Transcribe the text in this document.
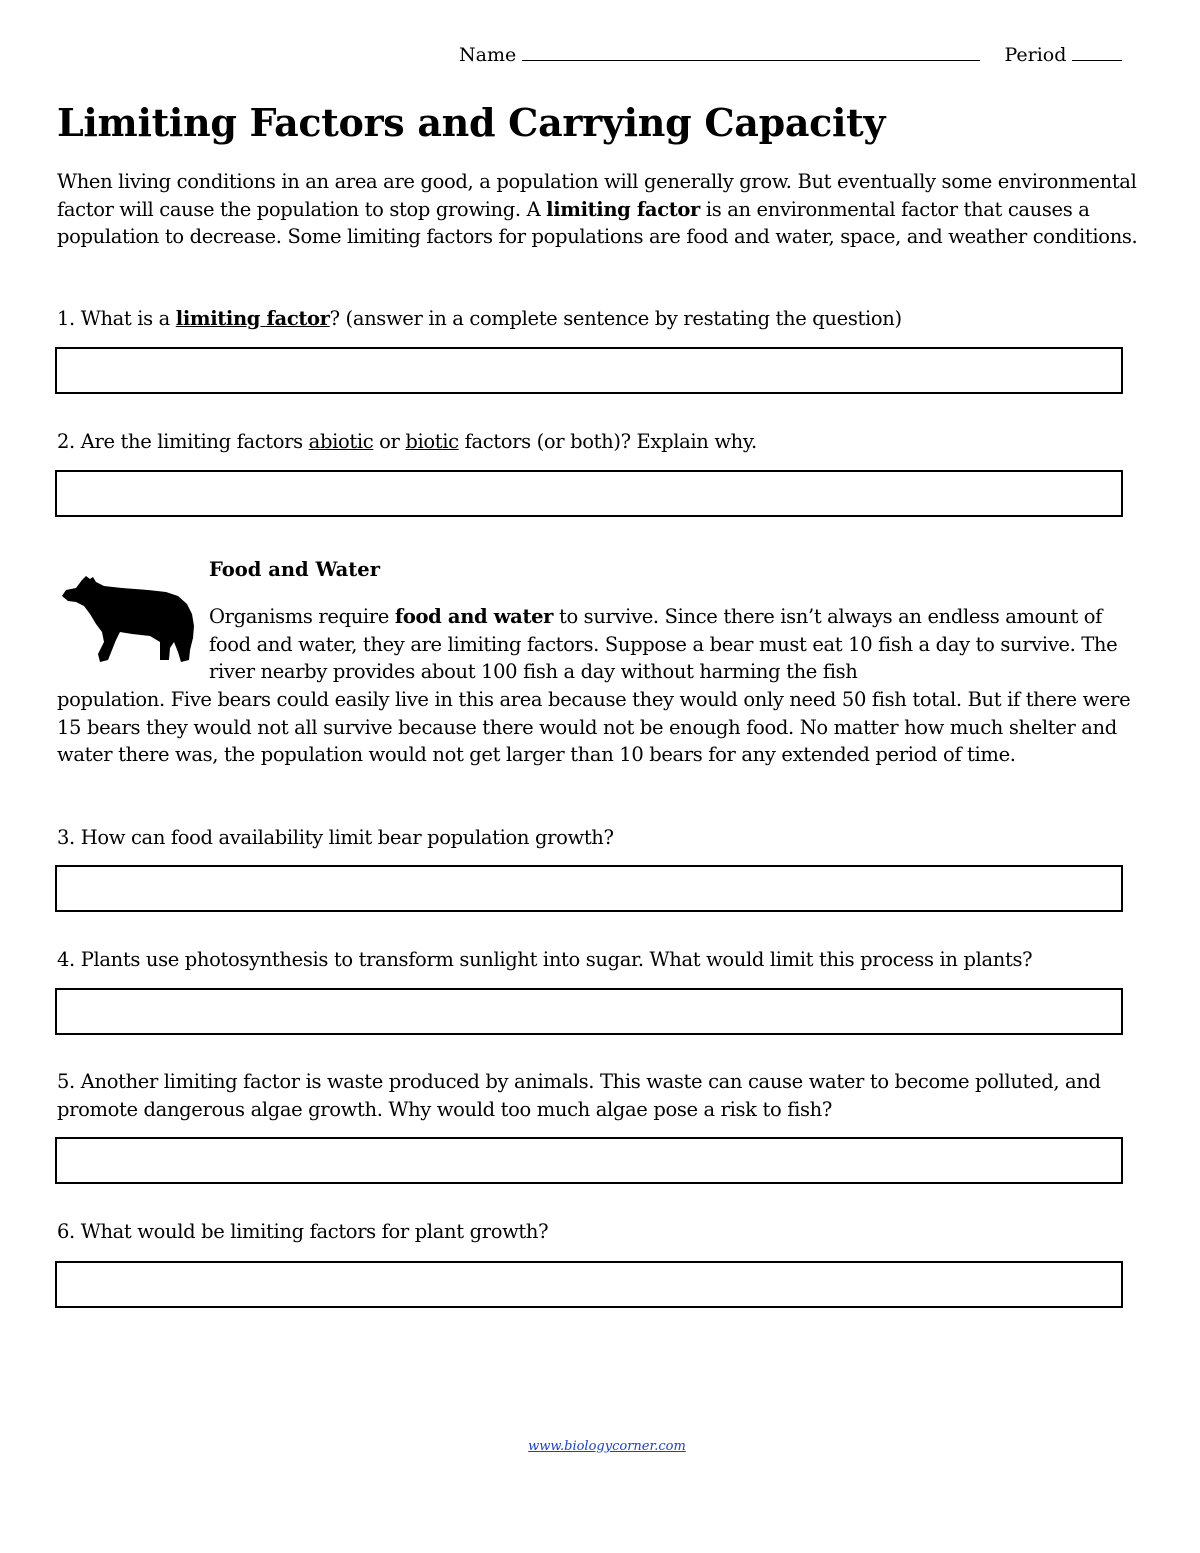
Name	Period
Limiting Factors and Carrying Capacity
When living conditions in an area are good, a population will generally grow. But eventually some environmental factor will cause the population to stop growing. A limiting factor is an environmental factor that causes a population to decrease. Some limiting factors for populations are food and water, space, and weather conditions.
1. What is a limiting factor? (answer in a complete sentence by restating the question)
2. Are the limiting factors abiotic or biotic factors (or both)? Explain why.
Food and Water
Organisms require food and water to survive. Since there isn’t always an endless amount of food and water, they are limiting factors. Suppose a bear must eat 10 fish a day to survive. The river nearby provides about 100 fish a day without harming the fish
population. Five bears could easily live in this area because they would only need 50 fish total. But if there were 15 bears they would not all survive because there would not be enough food. No matter how much shelter and water there was, the population would not get larger than 10 bears for any extended period of time.
3. How can food availability limit bear population growth?
4. Plants use photosynthesis to transform sunlight into sugar. What would limit this process in plants?
5. Another limiting factor is waste produced by animals. This waste can cause water to become polluted, and promote dangerous algae growth. Why would too much algae pose a risk to fish?
6. What would be limiting factors for plant growth?
www.biologycorner.com
